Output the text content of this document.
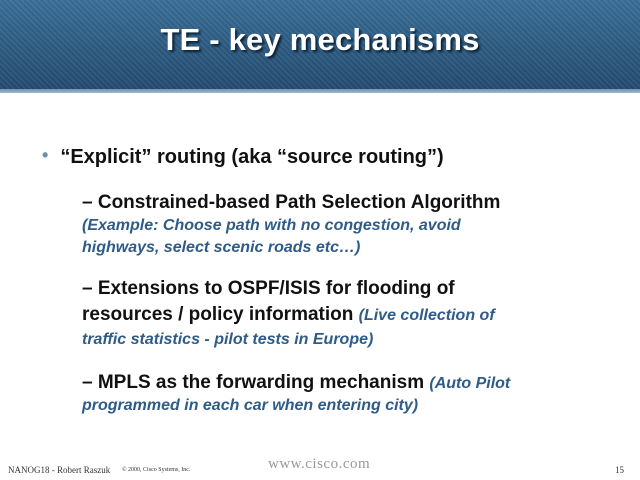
TE - key mechanisms
• “Explicit” routing (aka “source routing”)
– Constrained-based Path Selection Algorithm
(Example: Choose path with no congestion, avoid
highways, select scenic roads etc…)
– Extensions to OSPF/ISIS for flooding of
resources / policy information (Live collection of
traffic statistics - pilot tests in Europe)
– MPLS as the forwarding mechanism (Auto Pilot
programmed in each car when entering city)
NANOG18 - Robert Raszuk © 2000, Cisco Systems, Inc.	www.cisco.com	15
